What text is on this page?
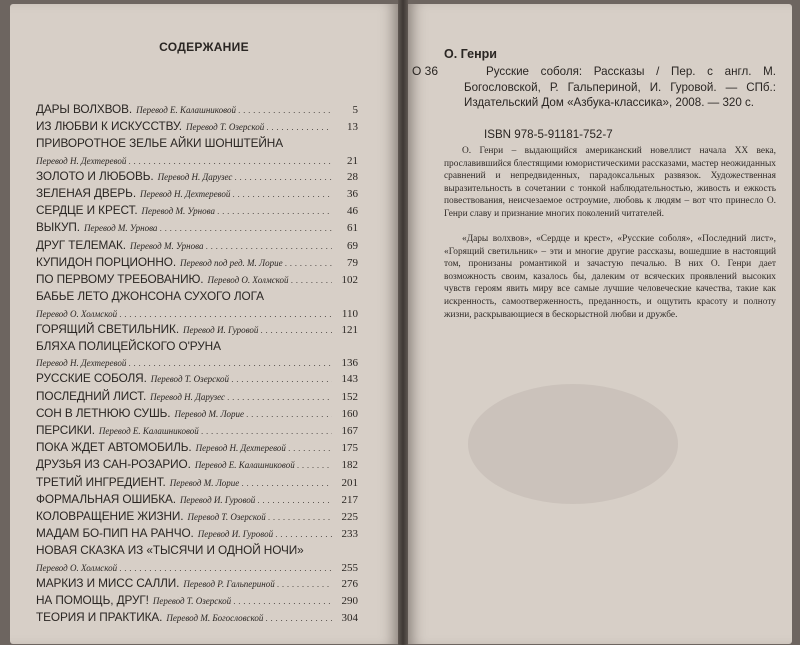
СОДЕРЖАНИЕ
ДАРЫ ВОЛХВОВ. Перевод Е. Калашниковой . . .	5
ИЗ ЛЮБВИ К ИСКУССТВУ. Перевод Т. Озерской . . .	13
ПРИВОРОТНОЕ ЗЕЛЬЕ АЙКИ ШОНШТЕЙНА
Перевод Н. Дехтеревой . . .	21
ЗОЛОТО И ЛЮБОВЬ. Перевод Н. Дарузес . . .	28
ЗЕЛЕНАЯ ДВЕРЬ. Перевод Н. Дехтеревой . . .	36
СЕРДЦЕ И КРЕСТ. Перевод М. Урнова . . .	46
ВЫКУП. Перевод М. Урнова . . .	61
ДРУГ ТЕЛЕМАК. Перевод М. Урнова . . .	69
КУПИДОН ПОРЦИОННО. Перевод под ред. М. Лорие . . .	79
ПО ПЕРВОМУ ТРЕБОВАНИЮ. Перевод О. Холмской . . .	102
БАБЬЕ ЛЕТО ДЖОНСОНА СУХОГО ЛОГА
Перевод О. Холмской . . .	110
ГОРЯЩИЙ СВЕТИЛЬНИК. Перевод И. Гуровой . . .	121
БЛЯХА ПОЛИЦЕЙСКОГО О'РУНА
Перевод Н. Дехтеревой . . .	136
РУССКИЕ СОБОЛЯ. Перевод Т. Озерской . . .	143
ПОСЛЕДНИЙ ЛИСТ. Перевод Н. Дарузес . . .	152
СОН В ЛЕТНЮЮ СУШЬ. Перевод М. Лорие . . .	160
ПЕРСИКИ. Перевод Е. Калашниковой . . .	167
ПОКА ЖДЕТ АВТОМОБИЛЬ. Перевод Н. Дехтеревой . . .	175
ДРУЗЬЯ ИЗ САН-РОЗАРИО. Перевод Е. Калашниковой . . .	182
ТРЕТИЙ ИНГРЕДИЕНТ. Перевод М. Лорие . . .	201
ФОРМАЛЬНАЯ ОШИБКА. Перевод И. Гуровой . . .	217
КОЛОВРАЩЕНИЕ ЖИЗНИ. Перевод Т. Озерской . . .	225
МАДАМ БО-ПИП НА РАНЧО. Перевод И. Гуровой . . .	233
НОВАЯ СКАЗКА ИЗ «ТЫСЯЧИ И ОДНОЙ НОЧИ»
Перевод О. Холмской . . .	255
МАРКИЗ И МИСС САЛЛИ. Перевод Р. Гальпериной . . .	276
НА ПОМОЩЬ, ДРУГ! Перевод Т. Озерской . . .	290
ТЕОРИЯ И ПРАКТИКА. Перевод М. Богословской . . .	304
О. Генри
О 36	Русские соболя: Рассказы / Пер. с англ. М. Богословской, Р. Гальпериной, И. Гуровой. — СПб.: Издательский Дом «Азбука-классика», 2008. — 320 с.

ISBN 978-5-91181-752-7

О. Генри – выдающийся американский новеллист начала XX века, прославившийся блестящими юмористическими рассказами, мастер неожиданных сравнений и непредвиденных, парадоксальных развязок. Художественная выразительность в сочетании с тонкой наблюдательностью, живость и ежкость повествования, неисчезаемое остроумие, любовь к людям – вот что принесло О. Генри славу и признание многих поколений читателей.

«Дары волхвов», «Сердце и крест», «Русские соболя», «Последний лист», «Горящий светильник» – эти и многие другие рассказы, вошедшие в настоящий том, пронизаны романтикой и зачастую печалью. В них О. Генри дает возможность своим, казалось бы, далеким от всяческих проявлений высоких чувств героям явить миру все самые лучшие человеческие качества, такие как искренность, самоотверженность, преданность, и ощутить красоту и полноту жизни, раскрывающиеся в бескорыстной любви и дружбе.
